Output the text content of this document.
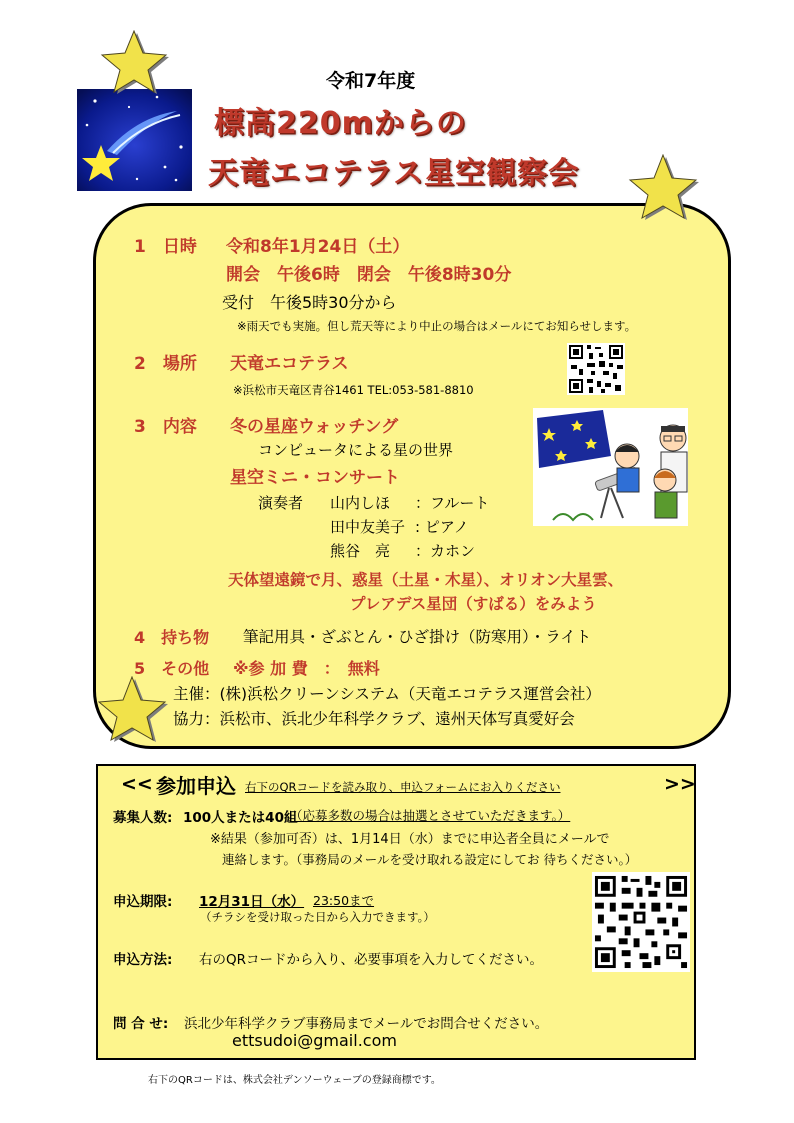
令和7年度
標高220mからの
天竜エコテラス星空観察会
1　日時 令和8年1月24日（土）
開会　午後6時　閉会　午後8時30分
受付　午後5時30分から
※雨天でも実施。但し荒天等により中止の場合はメールにてお知らせします。
2　場所 天竜エコテラス
※浜松市天竜区青谷1461 TEL:053-581-8810
3　内容 冬の星座ウォッチング
コンピュータによる星の世界
星空ミニ・コンサート
演奏者 山内しほ ：フルート
田中友美子 : ピアノ
熊谷　亮 ：カホン
天体望遠鏡で月、惑星（土星・木星）、オリオン大星雲、
プレアデス星団（すばる）をみよう
4　持ち物 筆記用具・ざぶとん・ひざ掛け（防寒用）・ライト
5　その他 ※参 加 費　：　無料
主催：(株)浜松クリーンシステム（天竜エコテラス運営会社）
協力：浜松市、浜北少年科学クラブ、遠州天体写真愛好会
<< 参加申込 右下のQRコードを読み取り、申込フォームにお入りください	>>
募集人数: 100人または40組
（応募多数の場合は抽選とさせていただきます。）
※結果（参加可否）は、1月14日（水）までに申込者全員にメールで
連絡します。（事務局のメールを受け取れる設定にしてお 待ちください。）
申込期限: 12月31日（水） 23:50まで
（チラシを受け取った日から入力できます。）
申込方法: 右のQRコードから入り、必要事項を入力してください。
問 合 せ: 浜北少年科学クラブ事務局までメールでお問合せください。
ettsudoi@gmail.com
右下のQRコードは、株式会社デンソーウェーブの登録商標です。
